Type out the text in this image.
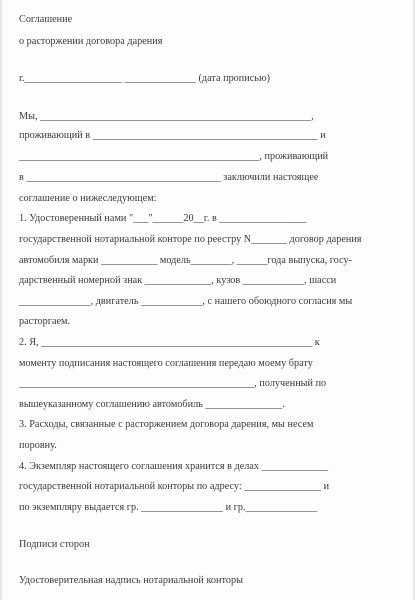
Соглашение
о расторжении договора дарения
г.___________________ ______________ (дата прописью)
Мы, _____________________________________________________,
проживающий в ____________________________________________ и
_______________________________________________, проживающий
в ______________________________________ заключили настоящее
соглашение о нижеследующем:
1. Удостоверенный нами "___"______20__г. в _________________
государственной нотариальной конторе по реестру N_______ договор дарения
автомобиля марки ___________ модель________, ______года выпуска, госу-
дарственный номерной знак _____________, кузов ____________, шасси
______________, двигатель ____________, с нашего обоюдного согласия мы
расторгаем.
2. Я, _____________________________________________________ к
моменту подписания настоящего соглашения передаю моему брату
______________________________________________, полученный по
вышеуказанному соглашению автомобиль _______________.
3. Расходы, связанные с расторжением договора дарения, мы несем
поровну.
4. Экземпляр настоящего соглашения хранится в делах _____________
государственной нотариальной конторы по адресу: _______________ и
по экземпляру выдается гр. ________________ и гр.______________
Подписи сторон
Удостоверительная надпись нотариальной конторы
